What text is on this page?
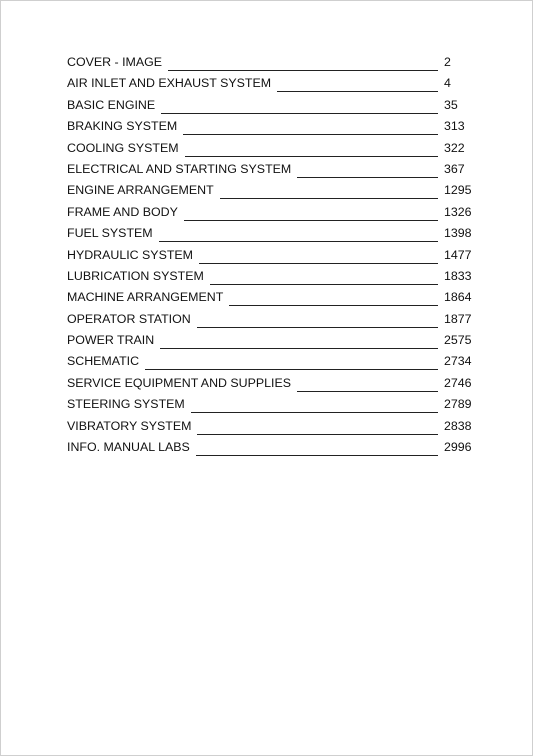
COVER - IMAGE	2
AIR INLET AND EXHAUST SYSTEM	4
BASIC ENGINE	35
BRAKING SYSTEM	313
COOLING SYSTEM	322
ELECTRICAL AND STARTING SYSTEM	367
ENGINE ARRANGEMENT	1295
FRAME AND BODY	1326
FUEL SYSTEM	1398
HYDRAULIC SYSTEM	1477
LUBRICATION SYSTEM	1833
MACHINE ARRANGEMENT	1864
OPERATOR STATION	1877
POWER TRAIN	2575
SCHEMATIC	2734
SERVICE EQUIPMENT AND SUPPLIES	2746
STEERING SYSTEM	2789
VIBRATORY SYSTEM	2838
INFO. MANUAL LABS	2996
